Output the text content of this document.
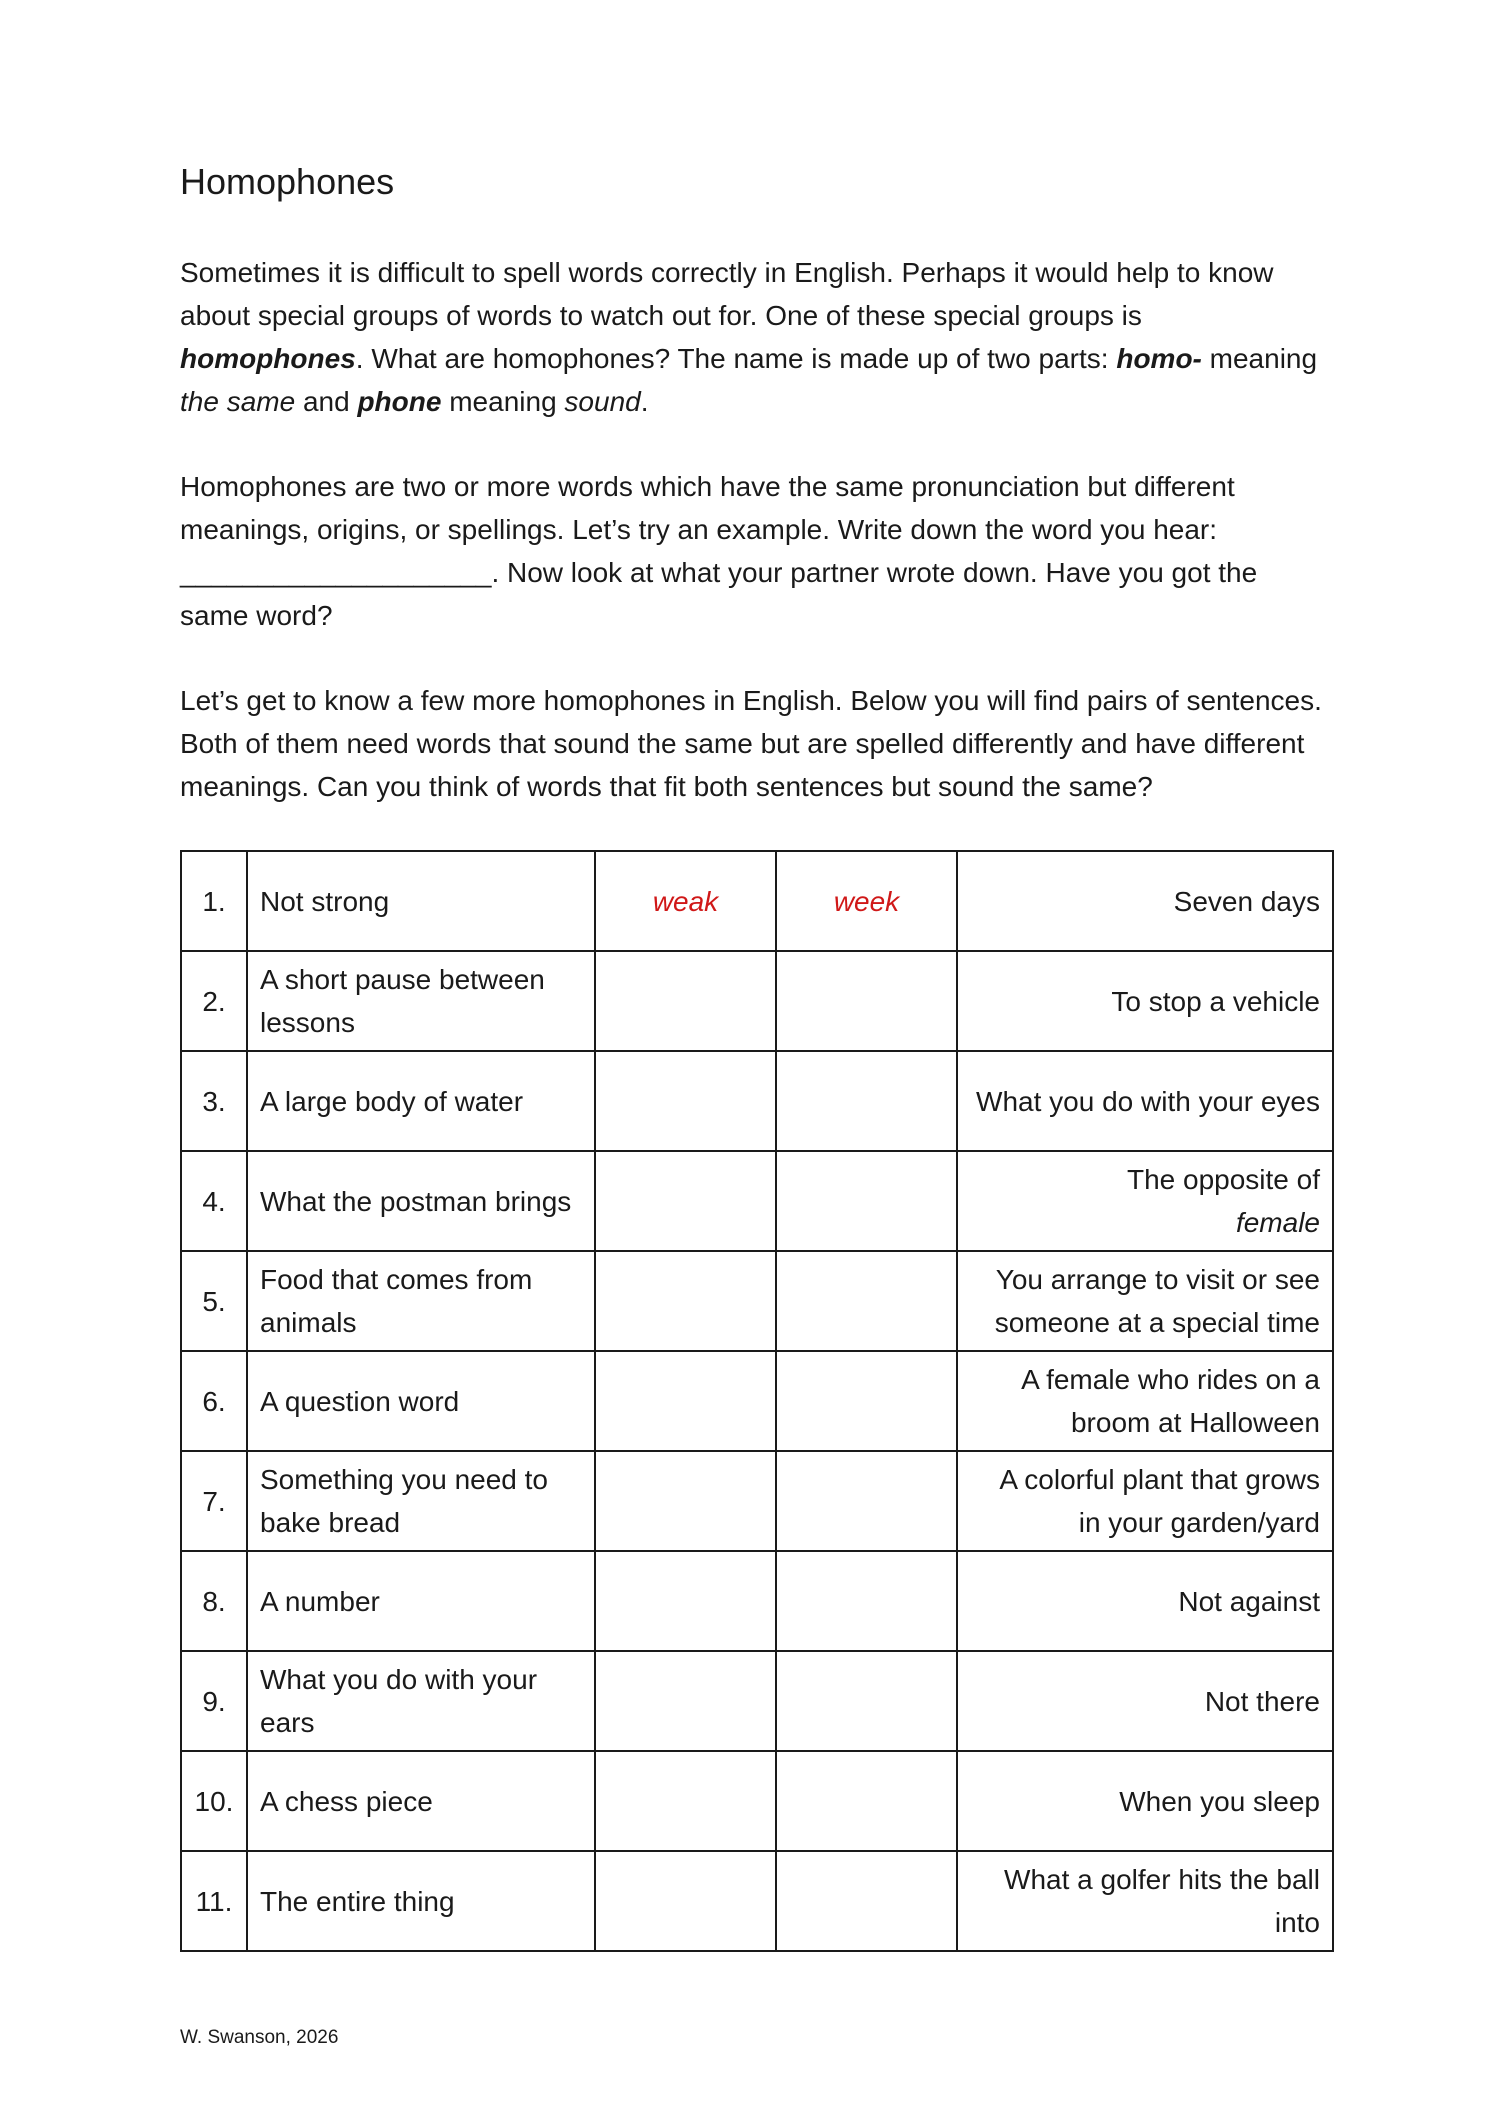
Homophones

Sometimes it is difficult to spell words correctly in English. Perhaps it would help to know about special groups of words to watch out for. One of these special groups is homophones. What are homophones? The name is made up of two parts: homo- meaning the same and phone meaning sound.

Homophones are two or more words which have the same pronunciation but different meanings, origins, or spellings. Let’s try an example. Write down the word you hear: ____________________. Now look at what your partner wrote down. Have you got the same word?

Let’s get to know a few more homophones in English. Below you will find pairs of sentences. Both of them need words that sound the same but are spelled differently and have different meanings. Can you think of words that fit both sentences but sound the same?

1.	Not strong	weak	week	Seven days
2.	A short pause between lessons			To stop a vehicle
3.	A large body of water			What you do with your eyes
4.	What the postman brings			The opposite of female
5.	Food that comes from animals			You arrange to visit or see someone at a special time
6.	A question word			A female who rides on a broom at Halloween
7.	Something you need to bake bread			A colorful plant that grows in your garden/yard
8.	A number			Not against
9.	What you do with your ears			Not there
10.	A chess piece			When you sleep
11.	The entire thing			What a golfer hits the ball into
W. Swanson, 2026
